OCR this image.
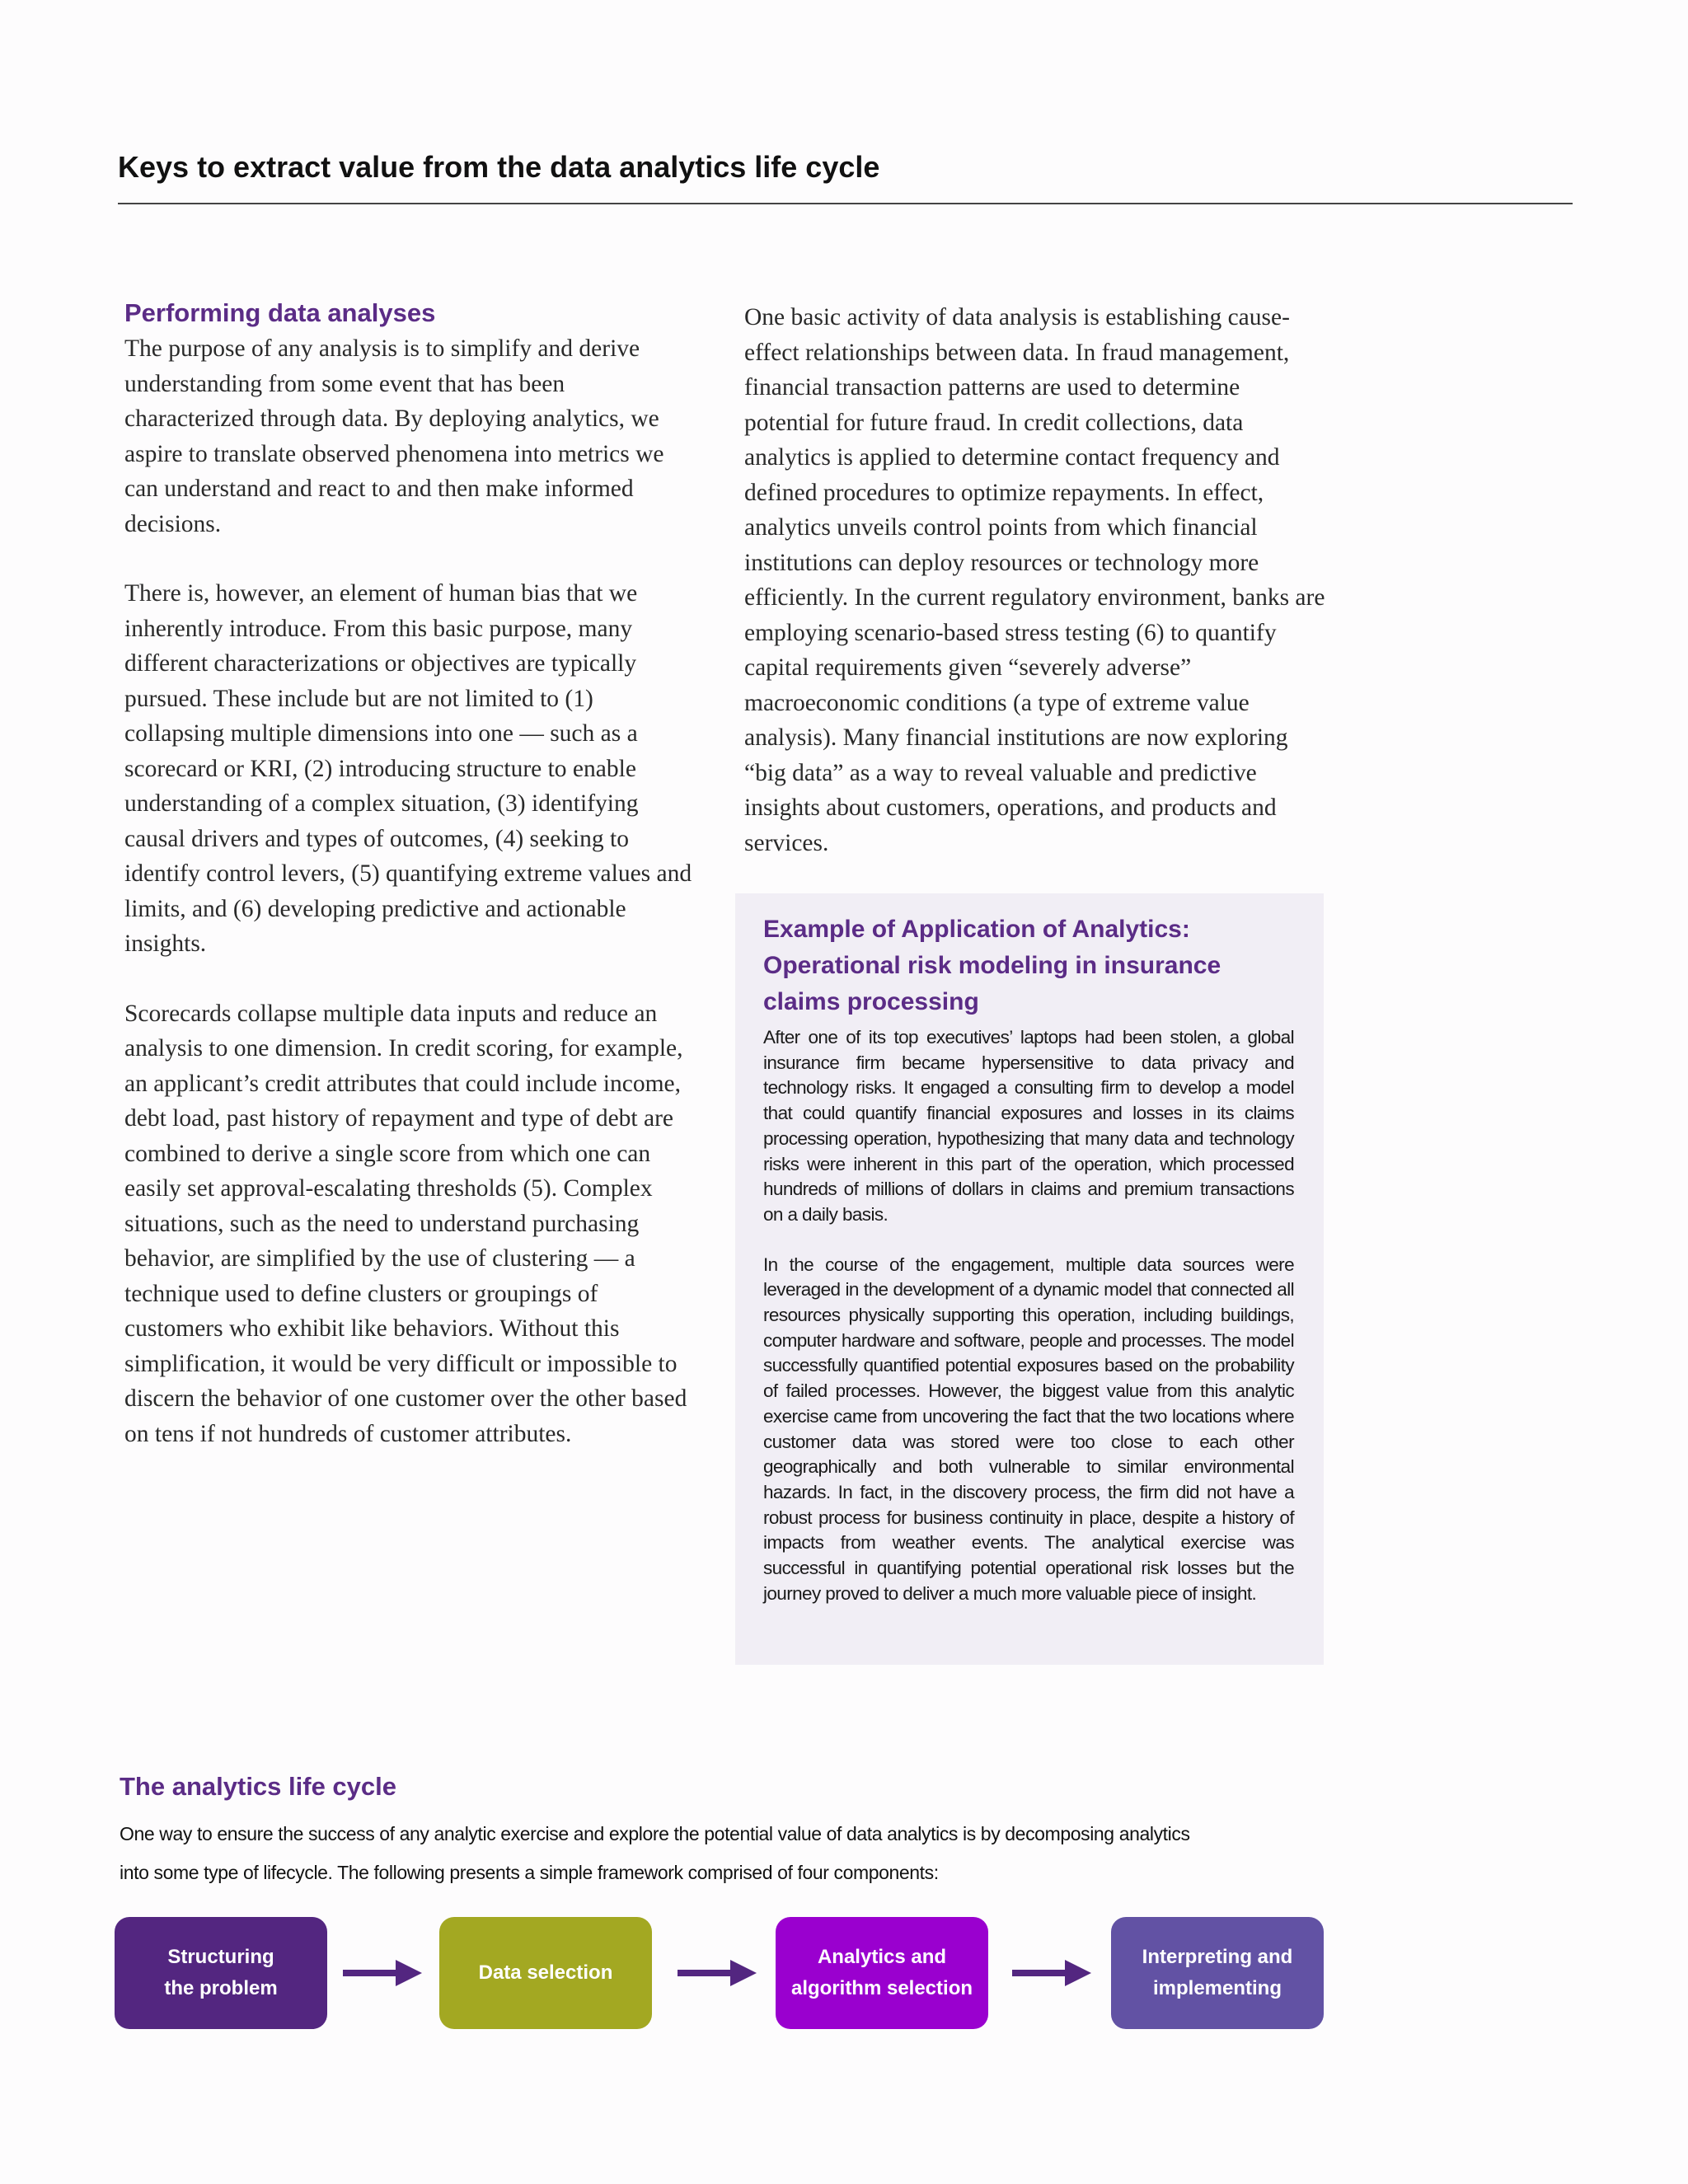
Keys to extract value from the data analytics life cycle
Performing data analyses

The purpose of any analysis is to simplify and derive understanding from some event that has been characterized through data. By deploying analytics, we aspire to translate observed phenomena into metrics we can understand and react to and then make informed decisions.

There is, however, an element of human bias that we inherently introduce. From this basic purpose, many different characterizations or objectives are typically pursued. These include but are not limited to (1) collapsing multiple dimensions into one — such as a scorecard or KRI, (2) introducing structure to enable understanding of a complex situation, (3) identifying causal drivers and types of outcomes, (4) seeking to identify control levers, (5) quantifying extreme values and limits, and (6) developing predictive and actionable insights.

Scorecards collapse multiple data inputs and reduce an analysis to one dimension. In credit scoring, for example, an applicant’s credit attributes that could include income, debt load, past history of repayment and type of debt are combined to derive a single score from which one can easily set approval-escalating thresholds (5). Complex situations, such as the need to understand purchasing behavior, are simplified by the use of clustering — a technique used to define clusters or groupings of customers who exhibit like behaviors. Without this simplification, it would be very difficult or impossible to discern the behavior of one customer over the other based on tens if not hundreds of customer attributes.

One basic activity of data analysis is establishing cause-effect relationships between data. In fraud management, financial transaction patterns are used to determine potential for future fraud. In credit collections, data analytics is applied to determine contact frequency and defined procedures to optimize repayments. In effect, analytics unveils control points from which financial institutions can deploy resources or technology more efficiently. In the current regulatory environment, banks are employing scenario-based stress testing (6) to quantify capital requirements given “severely adverse” macroeconomic conditions (a type of extreme value analysis). Many financial institutions are now exploring “big data” as a way to reveal valuable and predictive insights about customers, operations, and products and services.

Example of Application of Analytics:
Operational risk modeling in insurance
claims processing

After one of its top executives’ laptops had been stolen, a global insurance firm became hypersensitive to data privacy and technology risks. It engaged a consulting firm to develop a model that could quantify financial exposures and losses in its claims processing operation, hypothesizing that many data and technology risks were inherent in this part of the operation, which processed hundreds of millions of dollars in claims and premium transactions on a daily basis.

In the course of the engagement, multiple data sources were leveraged in the development of a dynamic model that connected all resources physically supporting this operation, including buildings, computer hardware and software, people and processes. The model successfully quantified potential exposures based on the probability of failed processes. However, the biggest value from this analytic exercise came from uncovering the fact that the two locations where customer data was stored were too close to each other geographically and both vulnerable to similar environmental hazards. In fact, in the discovery process, the firm did not have a robust process for business continuity in place, despite a history of impacts from weather events. The analytical exercise was successful in quantifying potential operational risk losses but the journey proved to deliver a much more valuable piece of insight.

The analytics life cycle

One way to ensure the success of any analytic exercise and explore the potential value of data analytics is by decomposing analytics
into some type of lifecycle. The following presents a simple framework comprised of four components:

Structuring
the problem
Data selection
Analytics and
algorithm selection
Interpreting and
implementing
